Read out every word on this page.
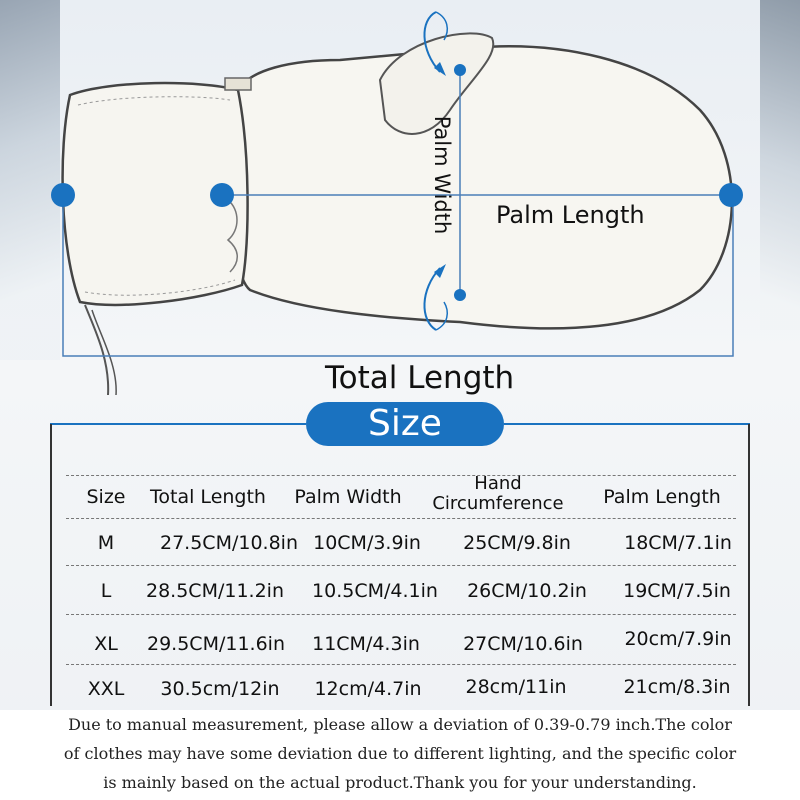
Palm Width Palm Length
Total Length
Size
Size Total Length Palm Width
Hand
Circumference Palm Length
M 27.5CM/10.8in 10CM/3.9in 25CM/9.8in	18CM/7.1in
L 28.5CM/11.2in 10.5CM/4.1in 26CM/10.2in 19CM/7.5in
XL 29.5CM/11.6in 11CM/4.3in 27CM/10.6in 20cm/7.9in
XXL 30.5cm/12in 12cm/4.7in 28cm/11in	21cm/8.3in
Due to manual measurement, please allow a deviation of 0.39-0.79 inch.The color
of clothes may have some deviation due to different lighting, and the specific color
is mainly based on the actual product.Thank you for your understanding.
